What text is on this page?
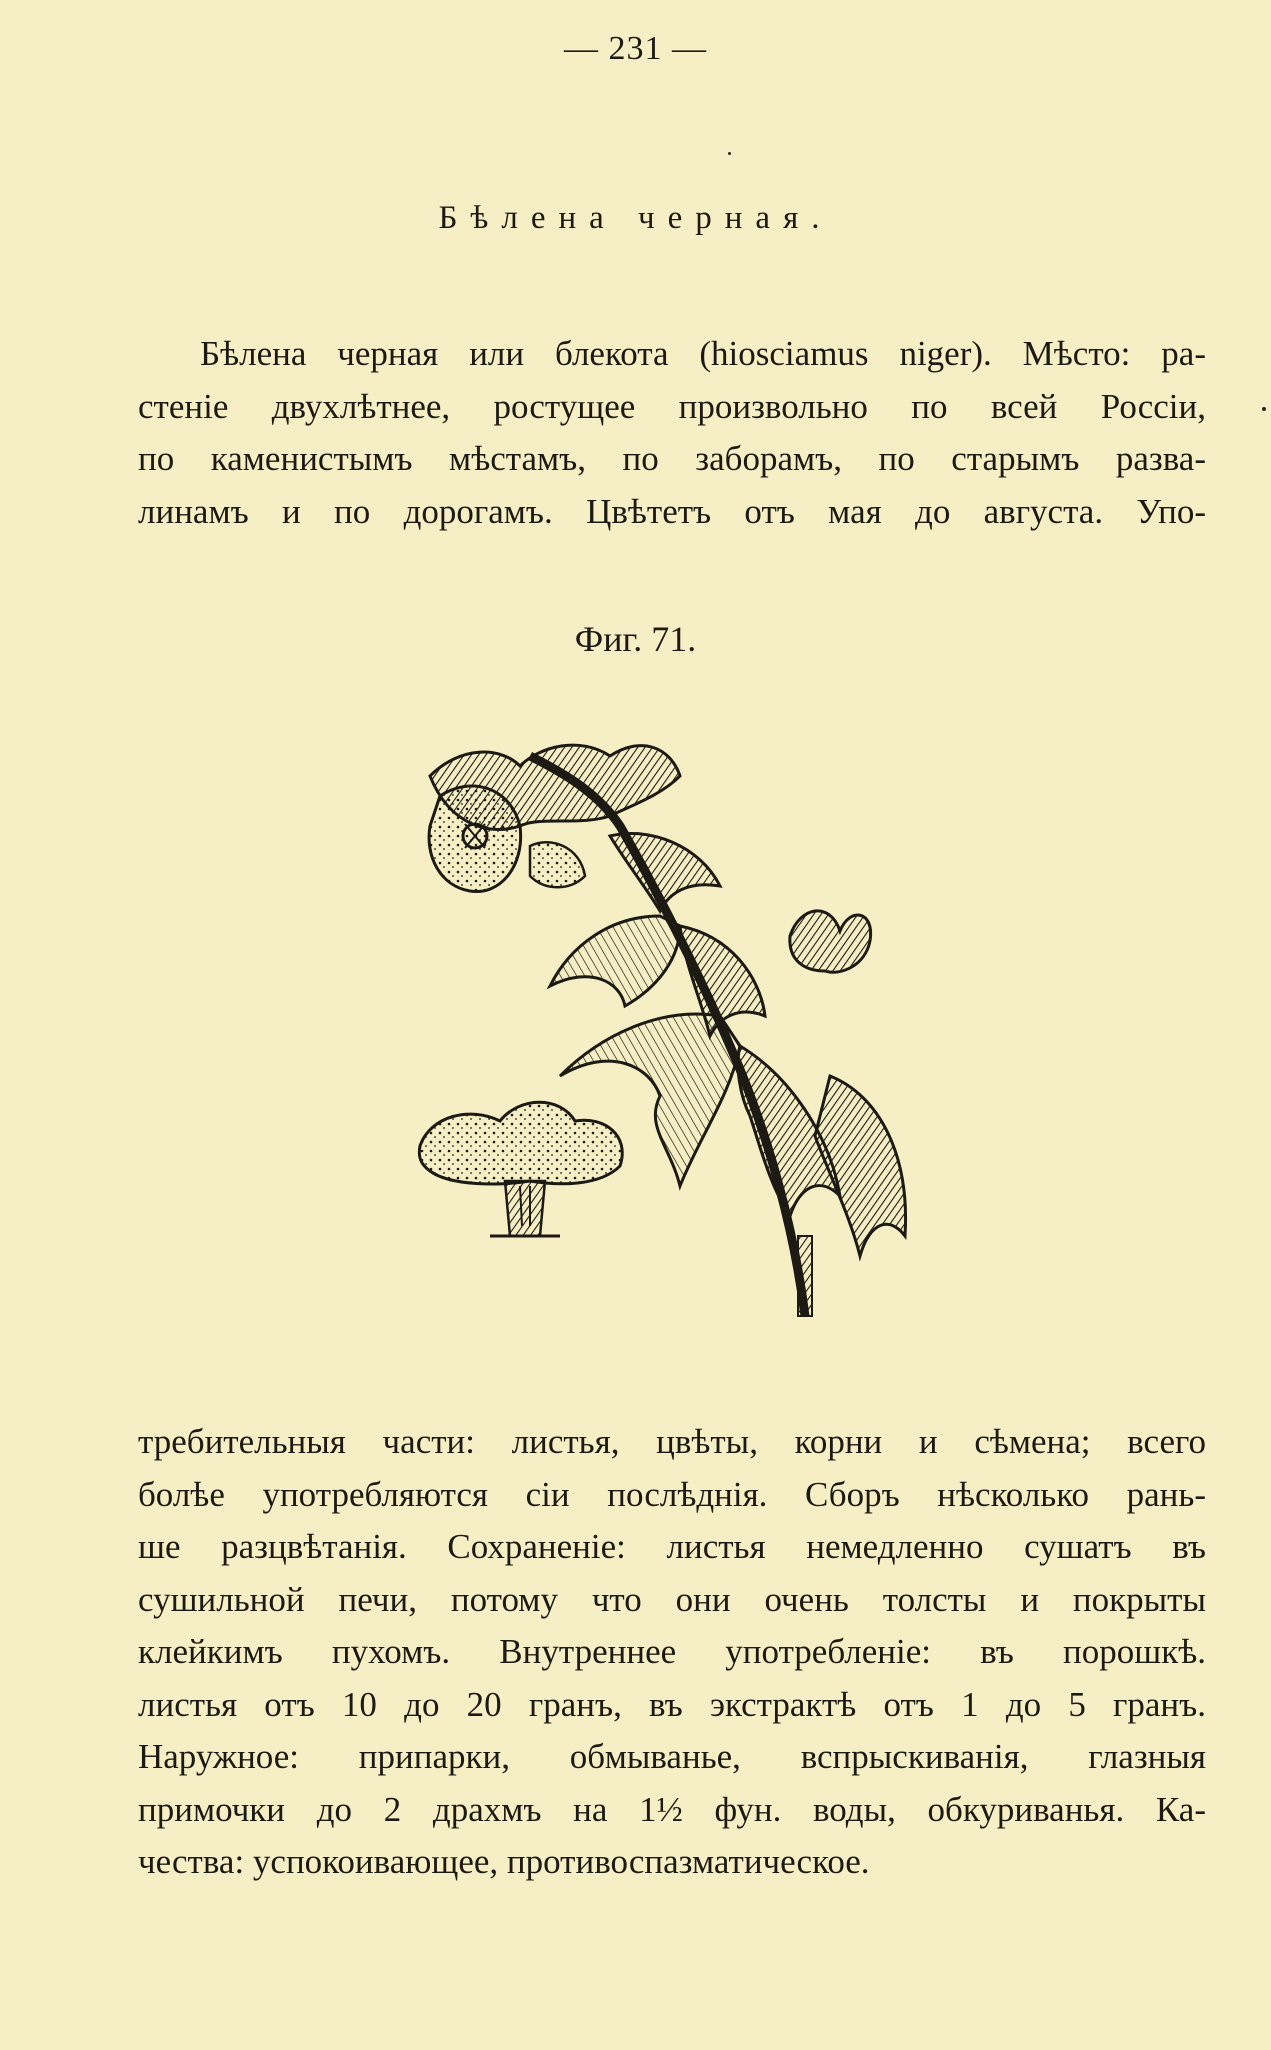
— 231 —
Бѣлена черная.
Бѣлена черная или блекота (hiosciamus niger). Мѣсто: ра-
стеніе двухлѣтнее, ростущее произвольно по всей Россіи,
по каменистымъ мѣстамъ, по заборамъ, по старымъ разва-
линамъ и по дорогамъ. Цвѣтетъ отъ мая до августа. Упо-
Фиг. 71.
требительныя части: листья, цвѣты, корни и сѣмена; всего
болѣе употребляются сіи послѣднія. Сборъ нѣсколько рань-
ше разцвѣтанія. Сохраненіе: листья немедленно сушатъ въ
сушильной печи, потому что они очень толсты и покрыты
клейкимъ пухомъ. Внутреннее употребленіе: въ порошкѣ.
листья отъ 10 до 20 гранъ, въ экстрактѣ отъ 1 до 5 гранъ.
Наружное: припарки, обмыванье, вспрыскиванія, глазныя
примочки до 2 драхмъ на 1½ фун. воды, обкуриванья. Ка-
чества: успокоивающее, противоспазматическое.
